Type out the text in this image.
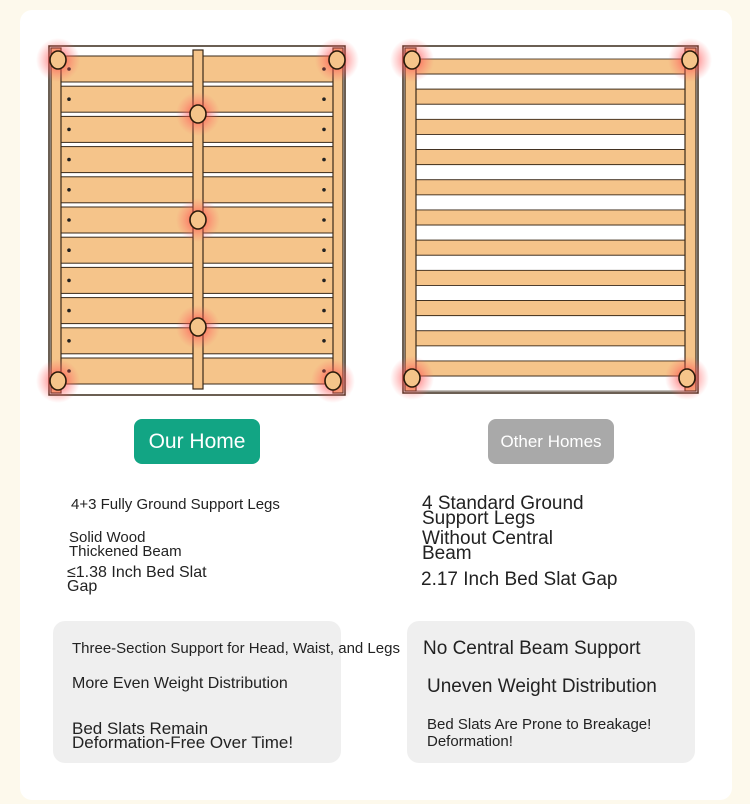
Our Home	Other Homes
4+3 Fully Ground Support Legs
Solid Wood
Thickened Beam
≤1.38 Inch Bed Slat
Gap
4 Standard Ground
Support Legs
Without Central
Beam
2.17 Inch Bed Slat Gap
Three-Section Support for Head, Waist, and Legs
More Even Weight Distribution
Bed Slats Remain
Deformation-Free Over Time!
No Central Beam Support
Uneven Weight Distribution
Bed Slats Are Prone to Breakage!
Deformation!
